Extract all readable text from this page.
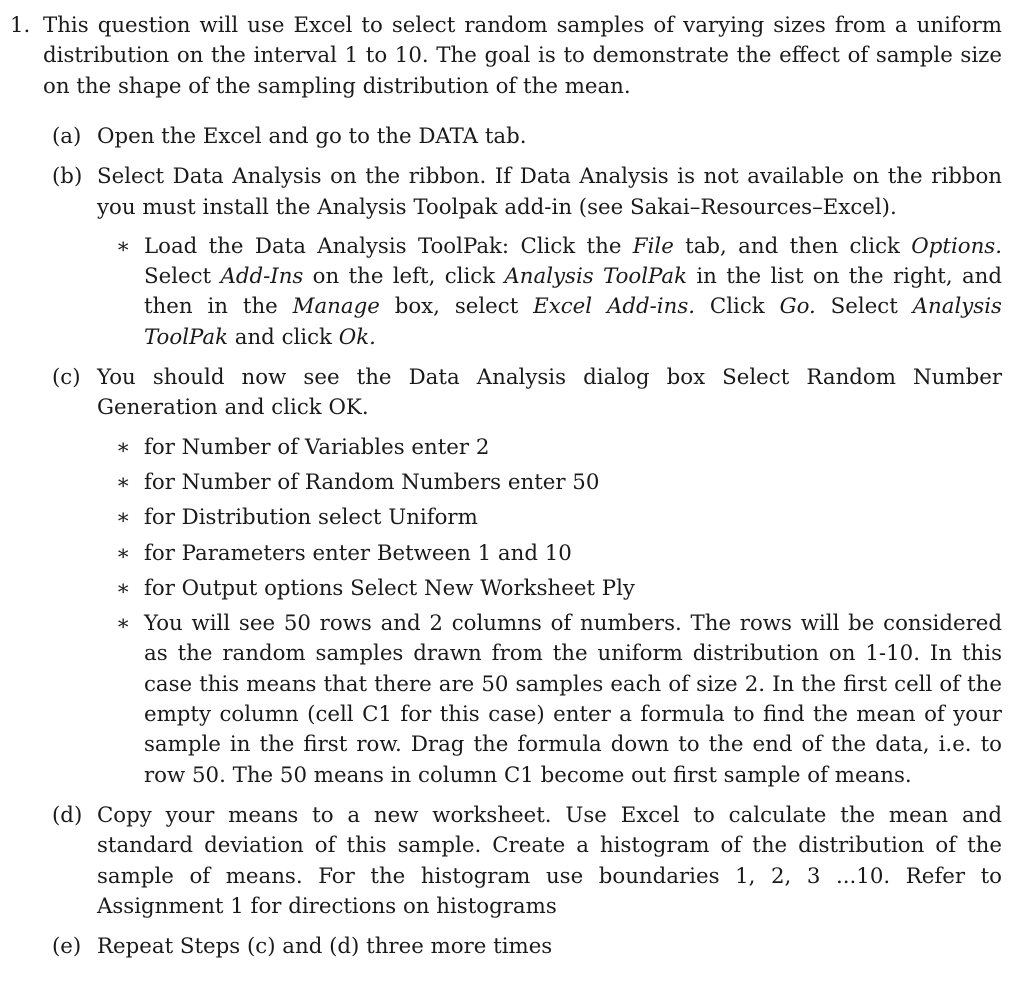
1. This question will use Excel to select random samples of varying sizes from a uniform distribution on the interval 1 to 10. The goal is to demonstrate the effect of sample size on the shape of the sampling distribution of the mean.
(a) Open the Excel and go to the DATA tab.
(b) Select Data Analysis on the ribbon. If Data Analysis is not available on the ribbon you must install the Analysis Toolpak add-in (see Sakai–Resources–Excel).
∗ Load the Data Analysis ToolPak: Click the File tab, and then click Options. Select Add-Ins on the left, click Analysis ToolPak in the list on the right, and then in the Manage box, select Excel Add-ins. Click Go. Select Analysis ToolPak and click Ok.
(c) You should now see the Data Analysis dialog box Select Random Number Generation and click OK.
∗ for Number of Variables enter 2
∗ for Number of Random Numbers enter 50
∗ for Distribution select Uniform
∗ for Parameters enter Between 1 and 10
∗ for Output options Select New Worksheet Ply
∗ You will see 50 rows and 2 columns of numbers. The rows will be considered as the random samples drawn from the uniform distribution on 1-10. In this case this means that there are 50 samples each of size 2. In the first cell of the empty column (cell C1 for this case) enter a formula to find the mean of your sample in the first row. Drag the formula down to the end of the data, i.e. to row 50. The 50 means in column C1 become out first sample of means.
(d) Copy your means to a new worksheet. Use Excel to calculate the mean and standard deviation of this sample. Create a histogram of the distribution of the sample of means. For the histogram use boundaries 1, 2, 3 ...10. Refer to Assignment 1 for directions on histograms
(e) Repeat Steps (c) and (d) three more times
